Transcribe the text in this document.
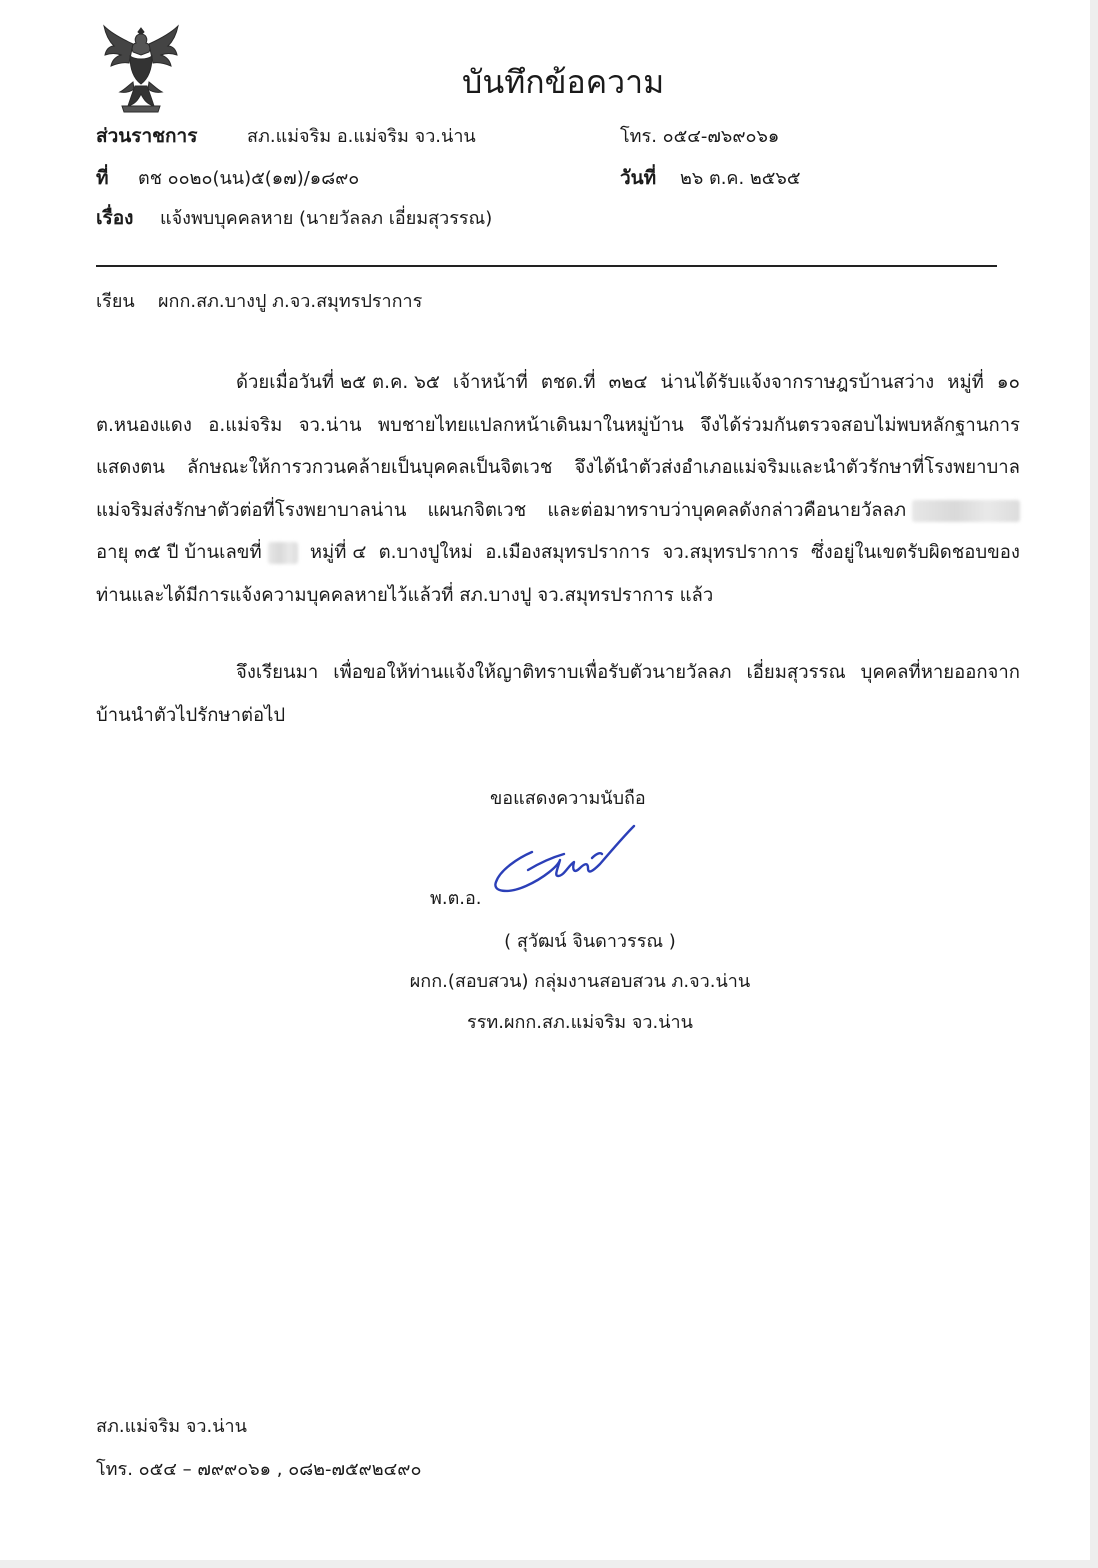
บันทึกข้อความ
ส่วนราชการ	สภ.แม่จริม อ.แม่จริม จว.น่าน	โทร. ๐๕๔-๗๖๙๐๖๑
ที่ ตช ๐๐๒๐(นน)๕(๑๗)/๑๘๙๐	วันที่ ๒๖ ต.ค. ๒๕๖๕
เรื่อง แจ้งพบบุคคลหาย (นายวัลลภ เอี่ยมสุวรรณ)
เรียน ผกก.สภ.บางปู ภ.จว.สมุทรปราการ
ด้วยเมื่อวันที่ ๒๕ ต.ค. ๖๕ เจ้าหน้าที่ ตชด.ที่ ๓๒๔ น่านได้รับแจ้งจากราษฎรบ้านสว่าง หมู่ที่ ๑๐
ต.หนองแดง อ.แม่จริม จว.น่าน พบชายไทยแปลกหน้าเดินมาในหมู่บ้าน จึงได้ร่วมกันตรวจสอบไม่พบหลักฐานการ
แสดงตน ลักษณะให้การวกวนคล้ายเป็นบุคคลเป็นจิตเวช จึงได้นำตัวส่งอำเภอแม่จริมและนำตัวรักษาที่โรงพยาบาล
แม่จริมส่งรักษาตัวต่อที่โรงพยาบาลน่าน แผนกจิตเวช และต่อมาทราบว่าบุคคลดังกล่าวคือนายวัลลภ
อายุ ๓๕ ปี บ้านเลขที่	หมู่ที่ ๔ ต.บางปูใหม่ อ.เมืองสมุทรปราการ จว.สมุทรปราการ ซึ่งอยู่ในเขตรับผิดชอบของ
ท่านและได้มีการแจ้งความบุคคลหายไว้แล้วที่ สภ.บางปู จว.สมุทรปราการ แล้ว
จึงเรียนมา เพื่อขอให้ท่านแจ้งให้ญาติทราบเพื่อรับตัวนายวัลลภ เอี่ยมสุวรรณ บุคคลที่หายออกจาก
บ้านนำตัวไปรักษาต่อไป
ขอแสดงความนับถือ
พ.ต.อ.
( สุวัฒน์ จินดาวรรณ )
ผกก.(สอบสวน) กลุ่มงานสอบสวน ภ.จว.น่าน
รรท.ผกก.สภ.แม่จริม จว.น่าน
สภ.แม่จริม จว.น่าน
โทร. ๐๕๔ – ๗๙๙๐๖๑ , ๐๘๒-๗๕๙๒๔๙๐
